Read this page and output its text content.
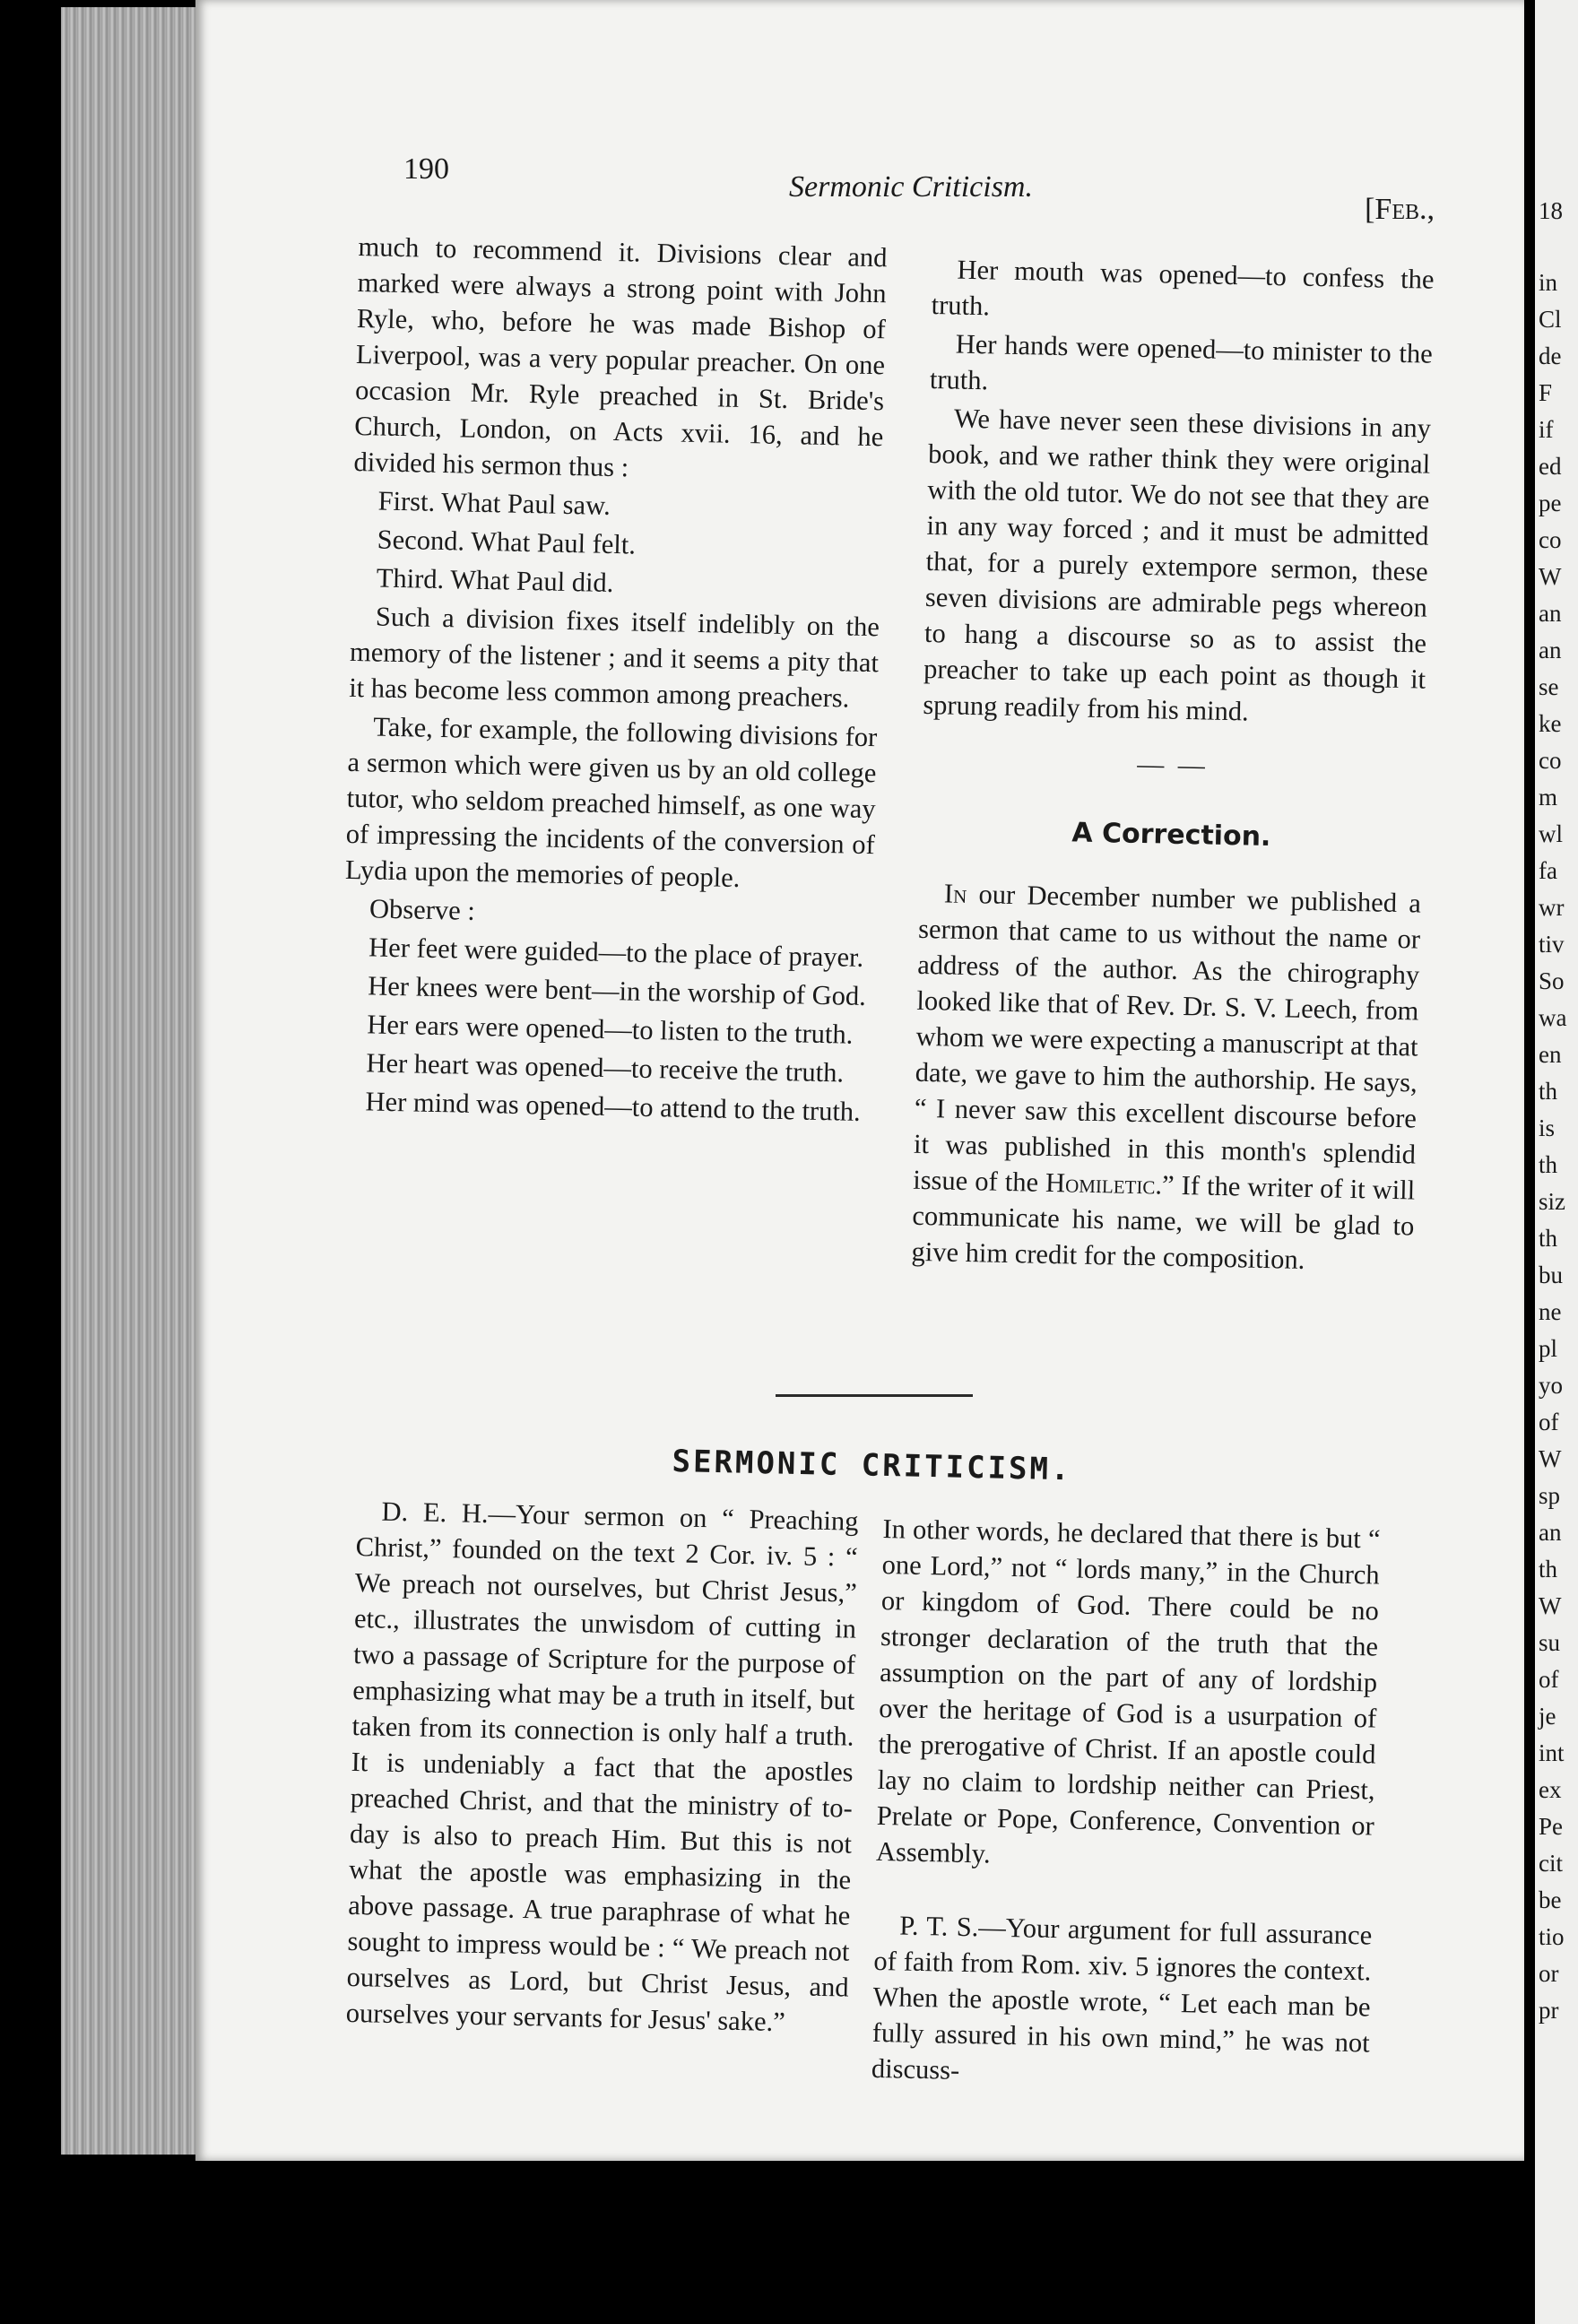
18
in
Cl
de
F
if
ed
pe
co
W
an
an
se
ke
co
m
wl
fa
wr
tiv
So
wa
en
th
is
th
siz
th
bu
ne
pl
yo
of
W
sp
an
th
W
su
of
je
int
ex
Pe
cit
be
tio
or
pr
190
Sermonic Criticism.
[Feb.,

much to recommend it. Divisions clear and marked were always a strong point with John Ryle, who, before he was made Bishop of Liverpool, was a very popular preacher. On one occasion Mr. Ryle preached in St. Bride's Church, London, on Acts xvii. 16, and he divided his sermon thus :

First. What Paul saw.

Second. What Paul felt.

Third. What Paul did.

Such a division fixes itself indelibly on the memory of the listener ; and it seems a pity that it has become less common among preachers.

Take, for example, the following divisions for a sermon which were given us by an old college tutor, who seldom preached himself, as one way of impressing the incidents of the conversion of Lydia upon the memories of people.

Observe :

Her feet were guided—to the place of prayer.

Her knees were bent—in the worship of God.

Her ears were opened—to listen to the truth.

Her heart was opened—to receive the truth.

Her mind was opened—to attend to the truth.

Her mouth was opened—to confess the truth.

Her hands were opened—to minister to the truth.

We have never seen these divisions in any book, and we rather think they were original with the old tutor. We do not see that they are in any way forced ; and it must be admitted that, for a purely extempore sermon, these seven divisions are admirable pegs whereon to hang a discourse so as to assist the preacher to take up each point as though it sprung readily from his mind.

— —
A Correction.

In our December number we published a sermon that came to us without the name or address of the author. As the chirography looked like that of Rev. Dr. S. V. Leech, from whom we were expecting a manuscript at that date, we gave to him the authorship. He says, “ I never saw this excellent discourse before it was published in this month's splendid issue of the Homiletic.” If the writer of it will communicate his name, we will be glad to give him credit for the composition.

SERMONIC CRITICISM.

D. E. H.—Your sermon on “ Preaching Christ,” founded on the text 2 Cor. iv. 5 : “ We preach not ourselves, but Christ Jesus,” etc., illustrates the unwisdom of cutting in two a passage of Scripture for the purpose of emphasizing what may be a truth in itself, but taken from its connection is only half a truth. It is undeniably a fact that the apostles preached Christ, and that the ministry of to-day is also to preach Him. But this is not what the apostle was emphasizing in the above passage. A true paraphrase of what he sought to impress would be : “ We preach not ourselves as Lord, but Christ Jesus, and ourselves your servants for Jesus' sake.”

In other words, he declared that there is but “ one Lord,” not “ lords many,” in the Church or kingdom of God. There could be no stronger declaration of the truth that the assumption on the part of any of lordship over the heritage of God is a usurpation of the prerogative of Christ. If an apostle could lay no claim to lordship neither can Priest, Prelate or Pope, Conference, Convention or Assembly.

P. T. S.—Your argument for full assurance of faith from Rom. xiv. 5 ignores the context. When the apostle wrote, “ Let each man be fully assured in his own mind,” he was not discuss-
